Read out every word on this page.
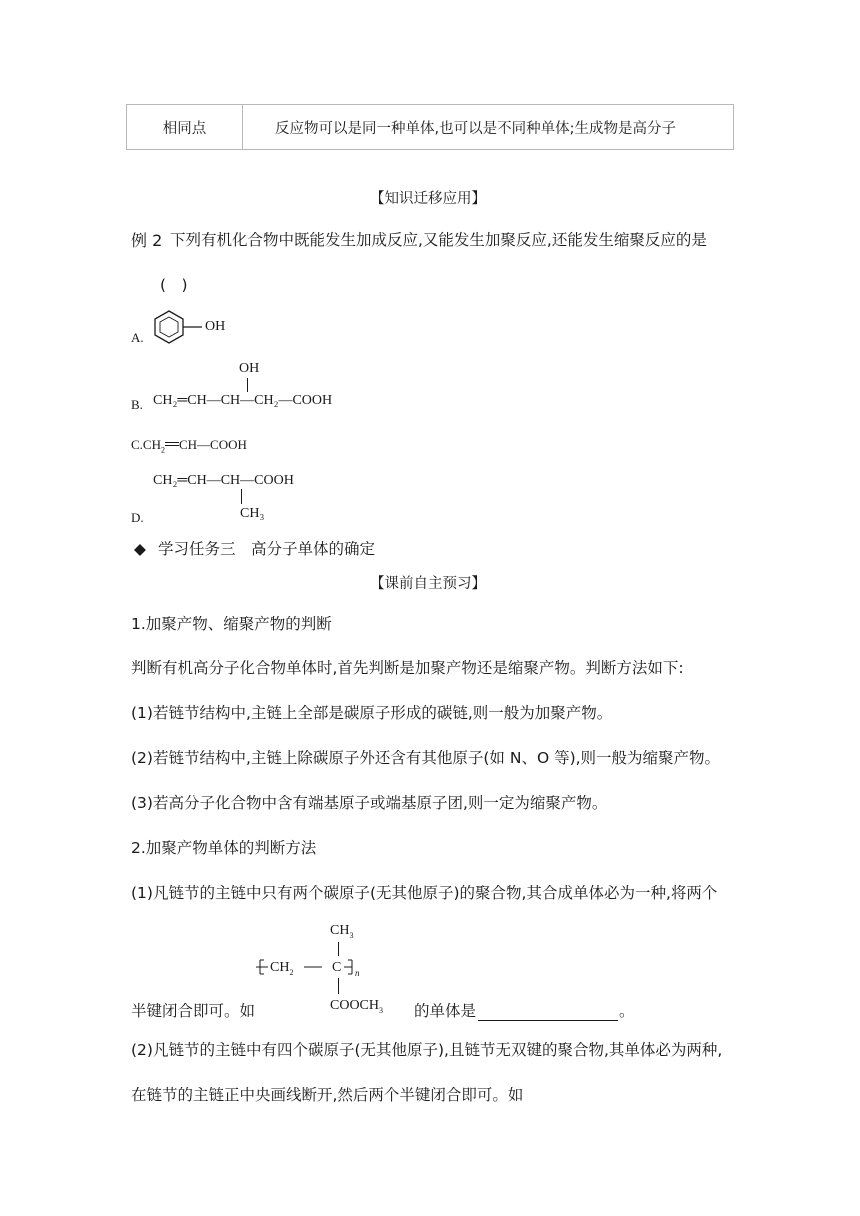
相同点	反应物可以是同一种单体,也可以是不同种单体;生成物是高分子
【知识迁移应用】
例 2 下列有机化合物中既能发生加成反应,又能发生加聚反应,还能发生缩聚反应的是
(　)
A.
OH
OH
CH₂═CH—CH—CH₂—COOH
B.
$C.CH_2$ CH—COOH
CH₂═CH—CH—COOH
CH₃
D.
◆ 学习任务三　高分子单体的确定
【课前自主预习】
1.加聚产物、缩聚产物的判断
判断有机高分子化合物单体时,首先判断是加聚产物还是缩聚产物。判断方法如下:
(1)若链节结构中,主链上全部是碳原子形成的碳链,则一般为加聚产物。
(2)若链节结构中,主链上除碳原子外还含有其他原子(如 N、O 等),则一般为缩聚产物。
(3)若高分子化合物中含有端基原子或端基原子团,则一定为缩聚产物。
2.加聚产物单体的判断方法
(1)凡链节的主链中只有两个碳原子(无其他原子)的聚合物,其合成单体必为一种,将两个
$CH_3$
$CH_2$	C n
$COOCH_3$
半键闭合即可。如	的单体是	。
(2)凡链节的主链中有四个碳原子(无其他原子),且链节无双键的聚合物,其单体必为两种,
在链节的主链正中央画线断开,然后两个半键闭合即可。如
